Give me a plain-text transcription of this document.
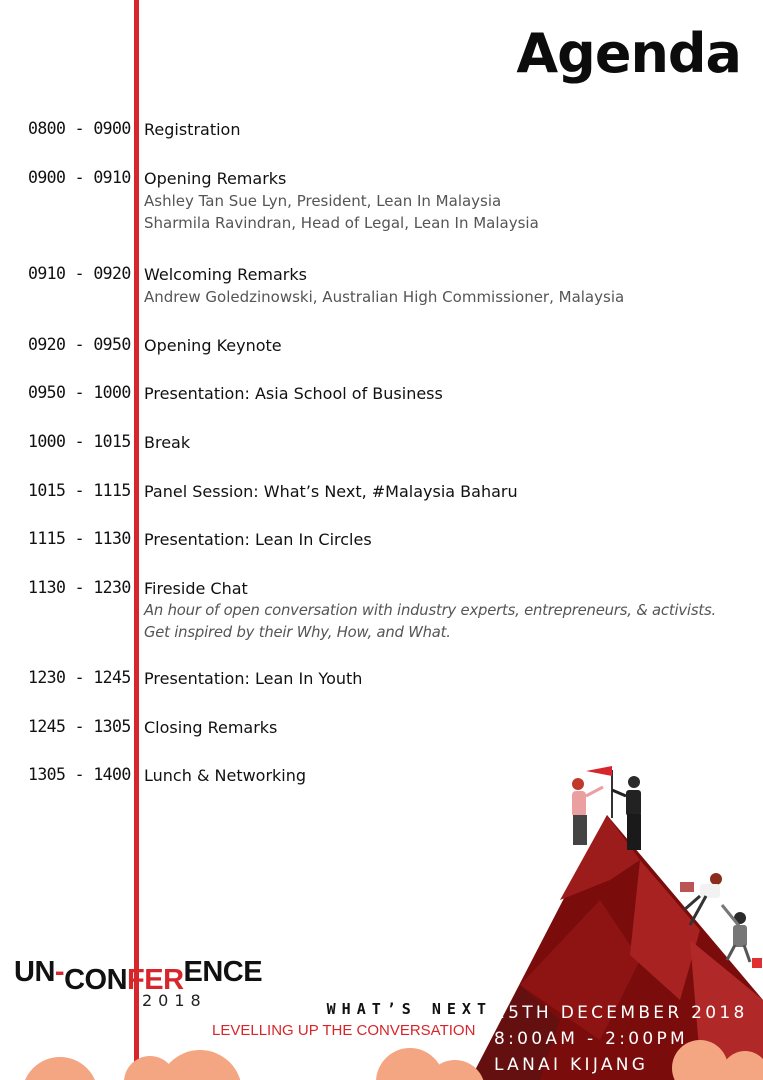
Agenda
0800 - 0900 Registration
0900 - 0910 Opening Remarks
Ashley Tan Sue Lyn, President, Lean In Malaysia
Sharmila Ravindran, Head of Legal, Lean In Malaysia
0910 - 0920 Welcoming Remarks
Andrew Goledzinowski, Australian High Commissioner, Malaysia
0920 - 0950 Opening Keynote
0950 - 1000 Presentation: Asia School of Business
1000 - 1015 Break
1015 - 1115 Panel Session: What’s Next, #Malaysia Baharu
1115 - 1130 Presentation: Lean In Circles
1130 - 1230 Fireside Chat
An hour of open conversation with industry experts, entrepreneurs, & activists.
Get inspired by their Why, How, and What.
1230 - 1245 Presentation: Lean In Youth
1245 - 1305 Closing Remarks
1305 - 1400 Lunch & Networking
UN-CONFERENCE
2018	WHAT’S NEXT
LEVELLING UP THE CONVERSATION
15TH DECEMBER 2018
8:00AM - 2:00PM
LANAI KIJANG
